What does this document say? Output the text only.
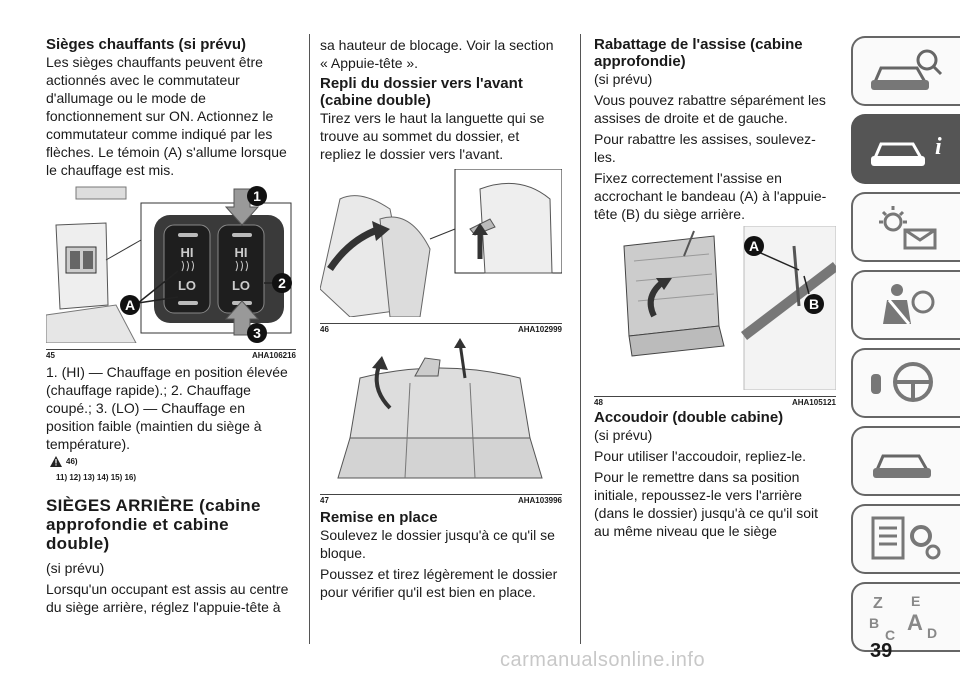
Sièges chauffants (si prévu)

Les sièges chauffants peuvent être actionnés avec le commutateur d'allumage ou le mode de fonctionnement sur ON. Actionnez le commutateur comme indiqué par les flèches. Le témoin (A) s'allume lorsque le chauffage est mis.

HI	HI
LO	LO
A
1
2
3
45	AHA106216

1. (HI) — Chauffage en position élevée (chauffage rapide).; 2. Chauffage coupé.; 3. (LO) — Chauffage en position faible (maintien du siège à température).

46)
11) 12) 13) 14) 15) 16)
SIÈGES ARRIÈRE (cabine approfondie et cabine double)

(si prévu)

Lorsqu'un occupant est assis au centre du siège arrière, réglez l'appuie-tête à

sa hauteur de blocage. Voir la section « Appuie-tête ».

Repli du dossier vers l'avant (cabine double)

Tirez vers le haut la languette qui se trouve au sommet du dossier, et repliez le dossier vers l'avant.

46	AHA102999
47	AHA103996
Remise en place

Soulevez le dossier jusqu'à ce qu'il se bloque.

Poussez et tirez légèrement le dossier pour vérifier qu'il est bien en place.

Rabattage de l'assise (cabine approfondie)

(si prévu)

Vous pouvez rabattre séparément les assises de droite et de gauche.

Pour rabattre les assises, soulevez-les.

Fixez correctement l'assise en accrochant le bandeau (A) à l'appuie-tête (B) du siège arrière.

A
B
48	AHA105121
Accoudoir (double cabine)

(si prévu)

Pour utiliser l'accoudoir, repliez-le.

Pour le remettre dans sa position initiale, repoussez-le vers l'arrière (dans le dossier) jusqu'à ce qu'il soit au même niveau que le siège

i
Z E
B A
C D
39
carmanualsonline.info
